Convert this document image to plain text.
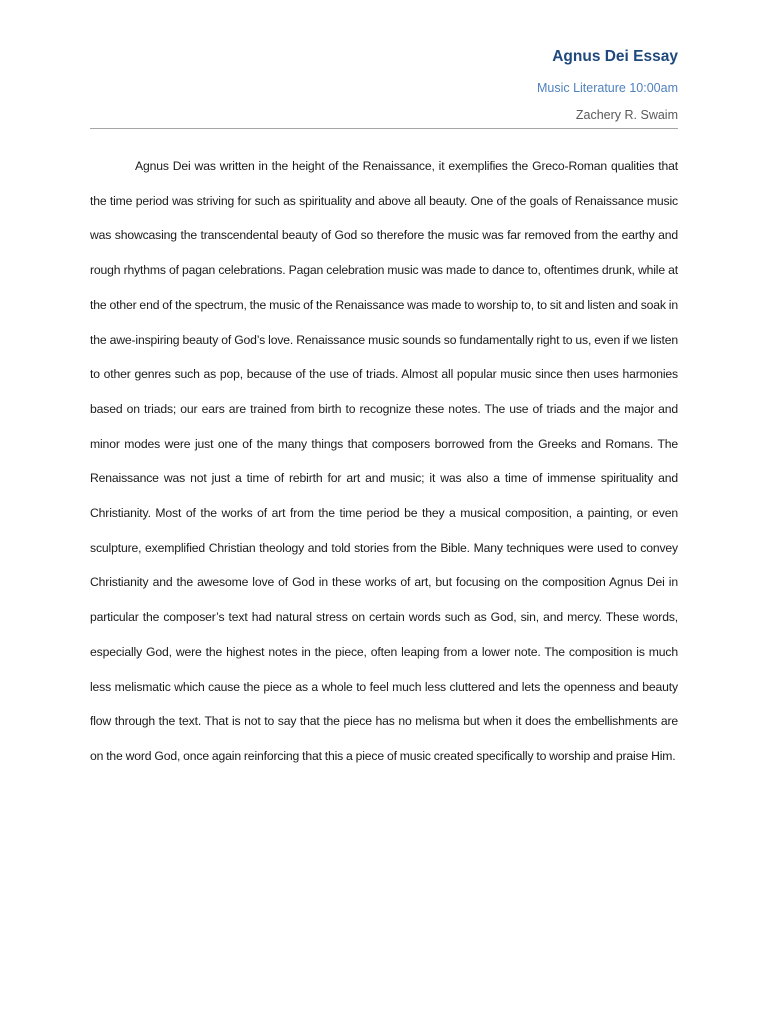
Agnus Dei Essay
Music Literature 10:00am
Zachery R. Swaim

Agnus Dei was written in the height of the Renaissance, it exemplifies the Greco-Roman qualities that the time period was striving for such as spirituality and above all beauty. One of the goals of Renaissance music was showcasing the transcendental beauty of God so therefore the music was far removed from the earthy and rough rhythms of pagan celebrations. Pagan celebration music was made to dance to, oftentimes drunk, while at the other end of the spectrum, the music of the Renaissance was made to worship to, to sit and listen and soak in the awe-inspiring beauty of God’s love. Renaissance music sounds so fundamentally right to us, even if we listen to other genres such as pop, because of the use of triads. Almost all popular music since then uses harmonies based on triads; our ears are trained from birth to recognize these notes. The use of triads and the major and minor modes were just one of the many things that composers borrowed from the Greeks and Romans. The Renaissance was not just a time of rebirth for art and music; it was also a time of immense spirituality and Christianity. Most of the works of art from the time period be they a musical composition, a painting, or even sculpture, exemplified Christian theology and told stories from the Bible. Many techniques were used to convey Christianity and the awesome love of God in these works of art, but focusing on the composition Agnus Dei in particular the composer’s text had natural stress on certain words such as God, sin, and mercy. These words, especially God, were the highest notes in the piece, often leaping from a lower note. The composition is much less melismatic which cause the piece as a whole to feel much less cluttered and lets the openness and beauty flow through the text. That is not to say that the piece has no melisma but when it does the embellishments are on the word God, once again reinforcing that this a piece of music created specifically to worship and praise Him.
